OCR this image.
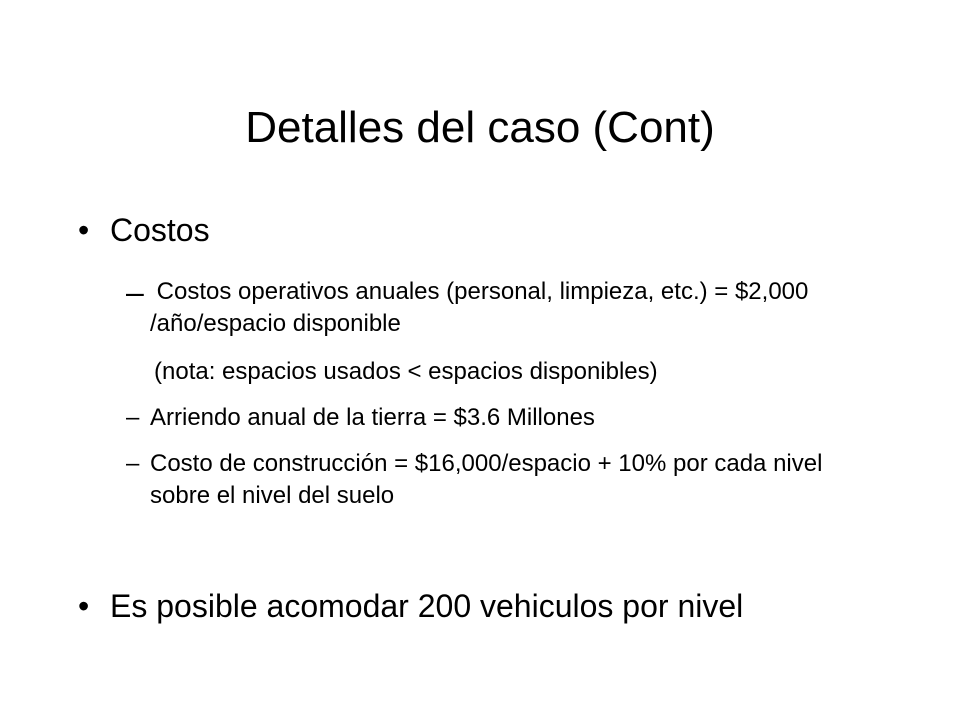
Detalles del caso (Cont)
• Costos
– Costos operativos anuales (personal, limpieza, etc.) = $2,000 /año/espacio disponible
(nota: espacios usados < espacios disponibles)
– Arriendo anual de la tierra = $3.6 Millones
– Costo de construcción = $16,000/espacio + 10% por cada nivel sobre el nivel del suelo
• Es posible acomodar 200 vehiculos por nivel
